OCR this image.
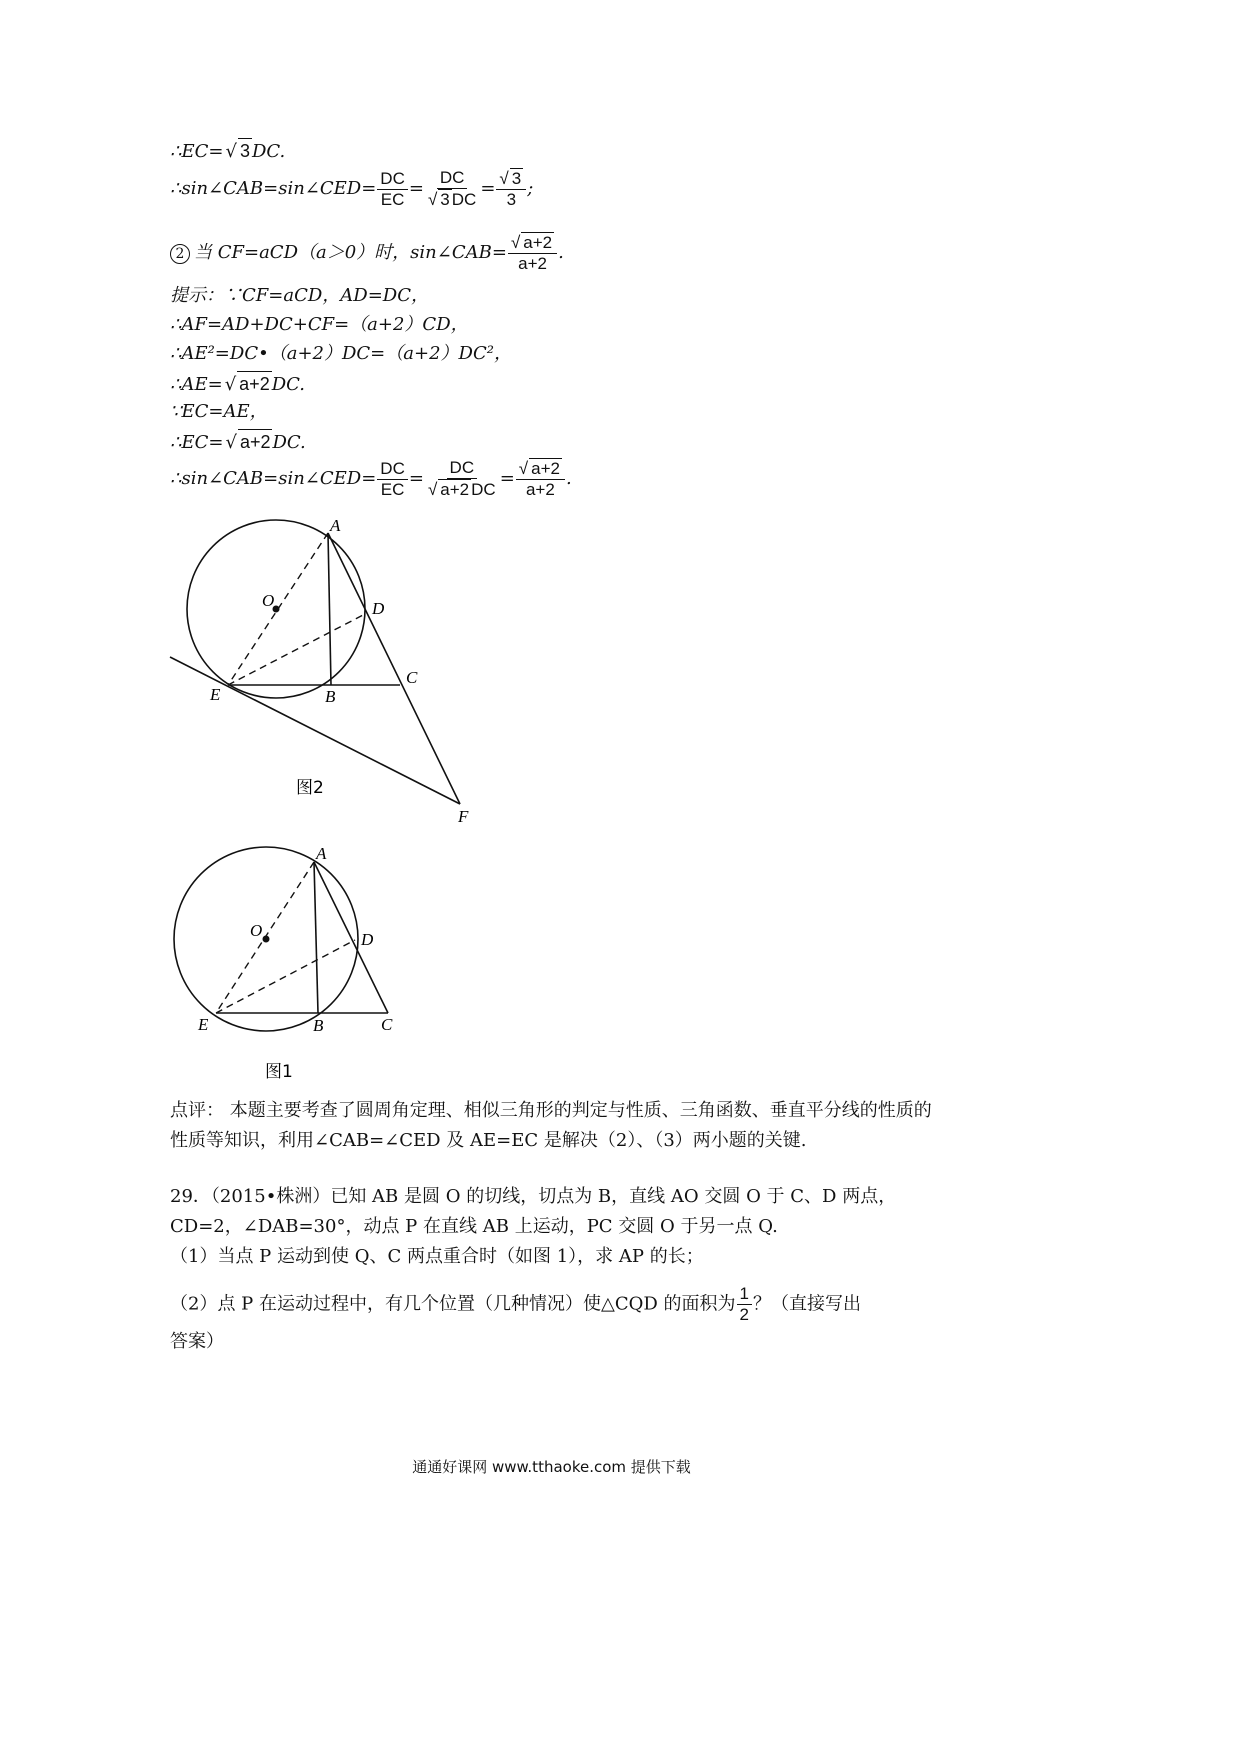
∴EC= √ 3 DC.
∴sin∠CAB=sin∠CED= $\frac{DC}{EC} = \frac{DC}{√ 3 DC} = \frac{√ 3}{3}$ ;
2 当 CF=aCD（a＞0）时，sin∠CAB= $\frac{√ a+2}{a+2}$ .
提示：∵CF=aCD，AD=DC，
∴AF=AD+DC+CF=（a+2）CD，
∴AE²=DC•（a+2）DC=（a+2）DC²，
∴AE= √ a+2 DC.
∵EC=AE，
∴EC= √ a+2 DC.
∴sin∠CAB=sin∠CED= $\frac{DC}{EC} = \frac{DC}{√ a+2 DC} = \frac{√ a+2}{a+2}$ .
A
O	D
E	B
C
F
图2
A
O	D
E	B	C
图1
点评： 本题主要考查了圆周角定理、相似三角形的判定与性质、三角函数、垂直平分线的性质的性质等知识，利用∠CAB=∠CED 及 AE=EC 是解决（2）、（3）两小题的关键.
29．（2015•株洲）已知 AB 是圆 O 的切线，切点为 B，直线 AO 交圆 O 于 C、D 两点，CD=2，∠DAB=30°，动点 P 在直线 AB 上运动，PC 交圆 O 于另一点 Q.
（1）当点 P 运动到使 Q、C 两点重合时（如图 1），求 AP 的长；
（2）点 P 在运动过程中，有几个位置（几种情况）使△CQD 的面积为 $\frac{1}{2}$ ？（直接写出
答案）
通通好课网 www.tthaoke.com 提供下载
